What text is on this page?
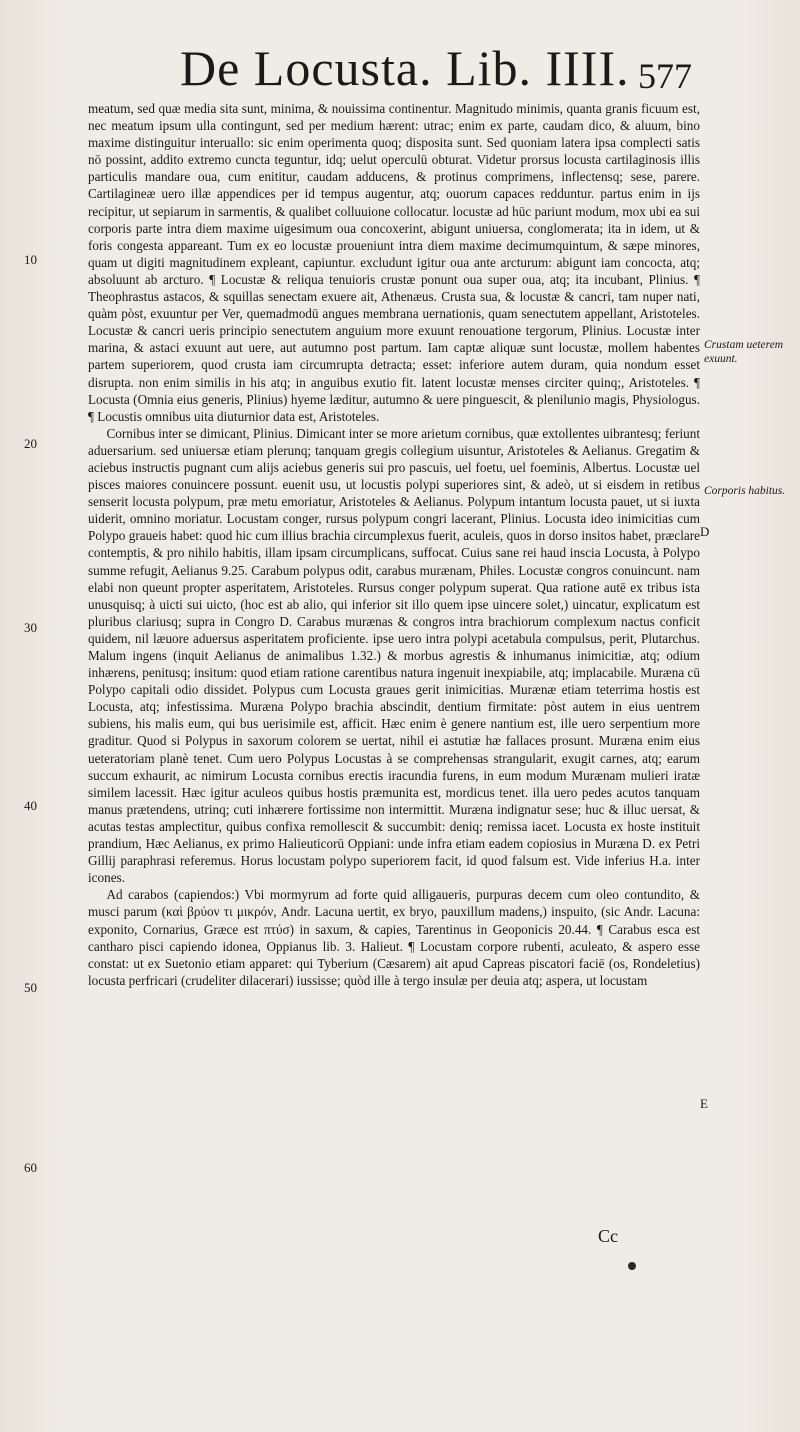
De Locusta. Lib. IIII. 577
10
20
30
40
50
60

meatum, sed quæ media sita sunt, minima, & nouissima continentur. Magnitudo minimis, quanta granis ficuum est, nec meatum ipsum ulla contingunt, sed per medium hærent: utrac; enim ex parte, caudam dico, & aluum, bino maxime distinguitur interuallo: sic enim operimenta quoq; disposita sunt. Sed quoniam latera ipsa complecti satis nō possint, addito extremo cuncta teguntur, idq; uelut operculū obturat. Videtur prorsus locusta cartilaginosis illis particulis mandare oua, cum enititur, caudam adducens, & protinus comprimens, inflectensq; sese, parere. Cartilagineæ uero illæ appendices per id tempus augentur, atq; ouorum capaces redduntur. partus enim in ijs recipitur, ut sepiarum in sarmentis, & qualibet colluuione collocatur. locustæ ad hūc pariunt modum, mox ubi ea sui corporis parte intra diem maxime uigesimum oua concoxerint, abigunt uniuersa, conglomerata; ita in idem, ut & foris congesta appareant. Tum ex eo locustæ proueniunt intra diem maxime decimumquintum, & sæpe minores, quam ut digiti magnitudinem expleant, capiuntur. excludunt igitur oua ante arcturum: abigunt iam concocta, atq; absoluunt ab arcturo. ¶ Locustæ & reliqua tenuioris crustæ ponunt oua super oua, atq; ita incubant, Plinius. ¶ Theophrastus astacos, & squillas senectam exuere ait, Athenæus. Crusta sua, & locustæ & cancri, tam nuper nati, quàm pòst, exuuntur per Ver, quemadmodū angues membrana uernationis, quam senectutem appellant, Aristoteles. Locustæ & cancri ueris principio senectutem anguium more exuunt renouatione tergorum, Plinius. Locustæ inter marina, & astaci exuunt aut uere, aut autumno post partum. Iam captæ aliquæ sunt locustæ, mollem habentes partem superiorem, quod crusta iam circumrupta detracta; esset: inferiore autem duram, quia nondum esset disrupta. non enim similis in his atq; in anguibus exutio fit. latent locustæ menses circiter quinq;, Aristoteles. ¶ Locusta (Omnia eius generis, Plinius) hyeme læditur, autumno & uere pinguescit, & plenilunio magis, Physiologus. ¶ Locustis omnibus uita diuturnior data est, Aristoteles.

Cornibus inter se dimicant, Plinius. Dimicant inter se more arietum cornibus, quæ extollentes uibrantesq; feriunt aduersarium. sed uniuersæ etiam plerunq; tanquam gregis collegium uisuntur, Aristoteles & Aelianus. Gregatim & aciebus instructis pugnant cum alijs aciebus generis sui pro pascuis, uel foetu, uel foeminis, Albertus. Locustæ uel pisces maiores conuincere possunt. euenit usu, ut locustis polypi superiores sint, & adeò, ut si eisdem in retibus senserit locusta polypum, præ metu emoriatur, Aristoteles & Aelianus. Polypum intantum locusta pauet, ut si iuxta uiderit, omnino moriatur. Locustam conger, rursus polypum congri lacerant, Plinius. Locusta ideo inimicitias cum Polypo graueis habet: quod hic cum illius brachia circumplexus fuerit, aculeis, quos in dorso insitos habet, præclare contemptis, & pro nihilo habitis, illam ipsam circumplicans, suffocat. Cuius sane rei haud inscia Locusta, à Polypo summe refugit, Aelianus 9.25. Carabum polypus odit, carabus murænam, Philes. Locustæ congros conuincunt. nam elabi non queunt propter asperitatem, Aristoteles. Rursus conger polypum superat. Qua ratione autē ex tribus ista unusquisq; à uicti sui uicto, (hoc est ab alio, qui inferior sit illo quem ipse uincere solet,) uincatur, explicatum est pluribus clariusq; supra in Congro D. Carabus murænas & congros intra brachiorum complexum nactus conficit quidem, nil læuore aduersus asperitatem proficiente. ipse uero intra polypi acetabula compulsus, perit, Plutarchus. Malum ingens (inquit Aelianus de animalibus 1.32.) & morbus agrestis & inhumanus inimicitiæ, atq; odium inhærens, penitusq; insitum: quod etiam ratione carentibus natura ingenuit inexpiabile, atq; implacabile. Muræna cū Polypo capitali odio dissidet. Polypus cum Locusta graues gerit inimicitias. Murænæ etiam teterrima hostis est Locusta, atq; infestissima. Muræna Polypo brachia abscindit, dentium firmitate: pòst autem in eius uentrem subiens, his malis eum, qui bus uerisimile est, afficit. Hæc enim è genere nantium est, ille uero serpentium more graditur. Quod si Polypus in saxorum colorem se uertat, nihil ei astutiæ hæ fallaces prosunt. Muræna enim eius ueteratoriam planè tenet. Cum uero Polypus Locustas à se comprehensas strangularit, exugit carnes, atq; earum succum exhaurit, ac nimirum Locusta cornibus erectis iracundia furens, in eum modum Murænam mulieri iratæ similem lacessit. Hæc igitur aculeos quibus hostis præmunita est, mordicus tenet. illa uero pedes acutos tanquam manus prætendens, utrinq; cuti inhærere fortissime non intermittit. Muræna indignatur sese; huc & illuc uersat, & acutas testas amplectitur, quibus confixa remollescit & succumbit: deniq; remissa iacet. Locusta ex hoste instituit prandium, Hæc Aelianus, ex primo Halieuticorū Oppiani: unde infra etiam eadem copiosius in Muræna D. ex Petri Gillij paraphrasi referemus. Horus locustam polypo superiorem facit, id quod falsum est. Vide inferius H.a. inter icones.

Ad carabos (capiendos:) Vbi mormyrum ad forte quid alligaueris, purpuras decem cum oleo contundito, & musci parum (καὶ βρύον τι μικρόν, Andr. Lacuna uertit, ex bryo, pauxillum madens,) inspuito, (sic Andr. Lacuna: exponito, Cornarius, Græce est πτύσ) in saxum, & capies, Tarentinus in Geoponicis 20.44. ¶ Carabus esca est cantharo pisci capiendo idonea, Oppianus lib. 3. Halieut. ¶ Locustam corpore rubenti, aculeato, & aspero esse constat: ut ex Suetonio etiam apparet: qui Tyberium (Cæsarem) ait apud Capreas piscatori faciē (os, Rondeletius) locusta perfricari (crudeliter dilacerari) iussisse; quòd ille à tergo insulæ per deuia atq; aspera, ut locustam

Crustam ueterem exuunt.
Corporis habitus.
D
E
Cc
